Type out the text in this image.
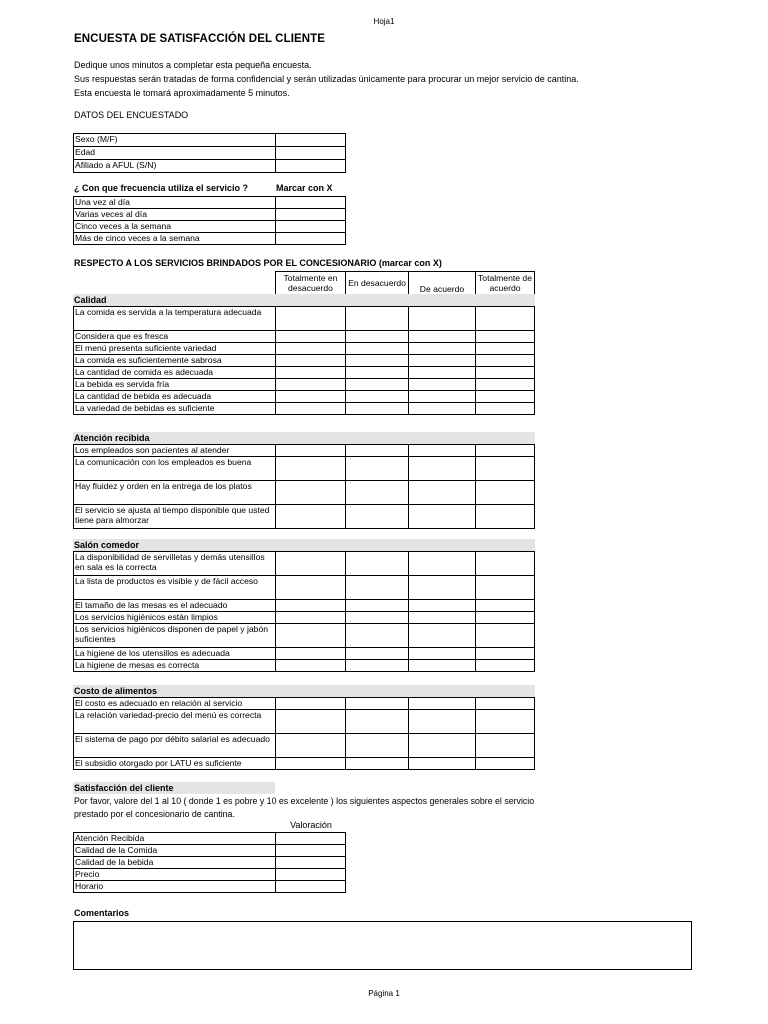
Hoja1
ENCUESTA DE SATISFACCIÓN DEL CLIENTE
Dedique unos minutos a completar esta pequeña encuesta.
Sus respuestas serán tratadas de forma confidencial y serán utilizadas únicamente para procurar un mejor servicio de cantina.
Esta encuesta le tomará aproximadamente 5 minutos.
DATOS DEL ENCUESTADO
Sexo (M/F)	
Edad	
Afiliado a AFUL (S/N)	
¿ Con que frecuencia utiliza el servicio ?	Marcar con X
Una vez al día	
Varias veces al día	
Cinco veces a la semana	
Más de cinco veces a la semana	
RESPECTO A LOS SERVICIOS BRINDADOS POR EL CONCESIONARIO (marcar con X)
Totalmente en desacuerdo	En desacuerdo	De acuerdo	Totalmente de acuerdo
Calidad
La comida es servida a la temperatura adecuada				
Considera que es fresca				
El menú presenta suficiente variedad				
La comida es suficientemente sabrosa				
La cantidad de comida es adecuada				
La bebida es servida fría				
La cantidad de bebida es adecuada				
La variedad de bebidas es suficiente				
Atención recibida
Los empleados son pacientes al atender				
La comunicación con los empleados es buena				
Hay fluidez y orden en la entrega de los platos				
El servicio se ajusta al tiempo disponible que usted tiene para almorzar				
Salón comedor
La disponibilidad de servilletas y demás utensillos en sala es la correcta				
La lista de productos es visible y de fácil acceso				
El tamaño de las mesas es el adecuado				
Los servicios higiénicos están limpios				
Los servicios higiénicos disponen de papel y jabón suficientes				
La higiene de los utensillos es adecuada				
La higiene de mesas es correcta				
Costo de alimentos
El costo es adecuado en relación al servicio				
La relación variedad-precio del menú es correcta				
El sistema de pago por débito salarial es adecuado				
El subsidio otorgado por LATU es suficiente				
Satisfacción del cliente
Por favor, valore del 1 al 10 ( donde 1 es pobre y 10 es excelente ) los siguientes aspectos generales sobre el servicio
prestado por el concesionario de cantina.
Valoración
Atención Recibida	
Calidad de la Comida	
Calidad de la bebida	
Precio	
Horario	
Comentarios
Página 1
